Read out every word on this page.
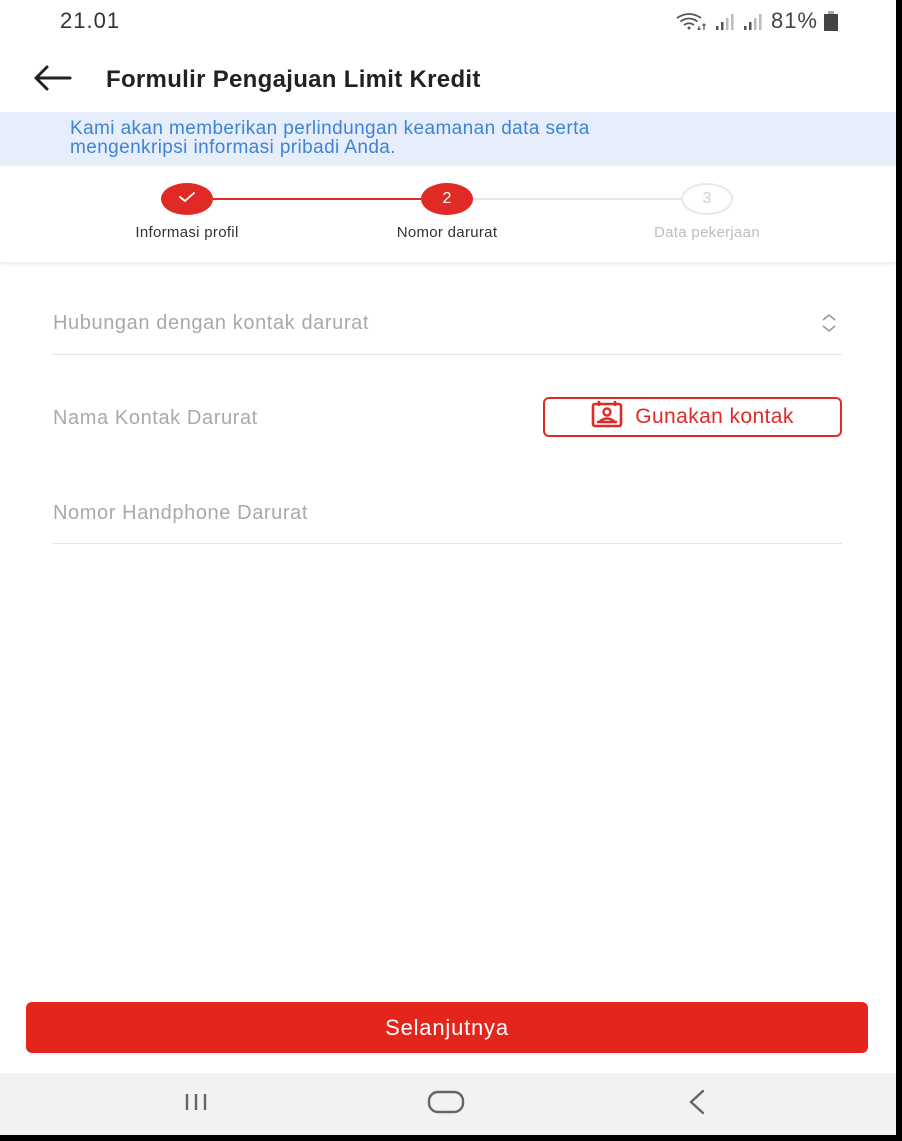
21.01	81%
Formulir Pengajuan Limit Kredit
Kami akan memberikan perlindungan keamanan data serta
mengenkripsi informasi pribadi Anda.
2	3
Informasi profil	Nomor darurat	Data pekerjaan
Hubungan dengan kontak darurat
Nama Kontak Darurat	Gunakan kontak
Nomor Handphone Darurat
Selanjutnya
